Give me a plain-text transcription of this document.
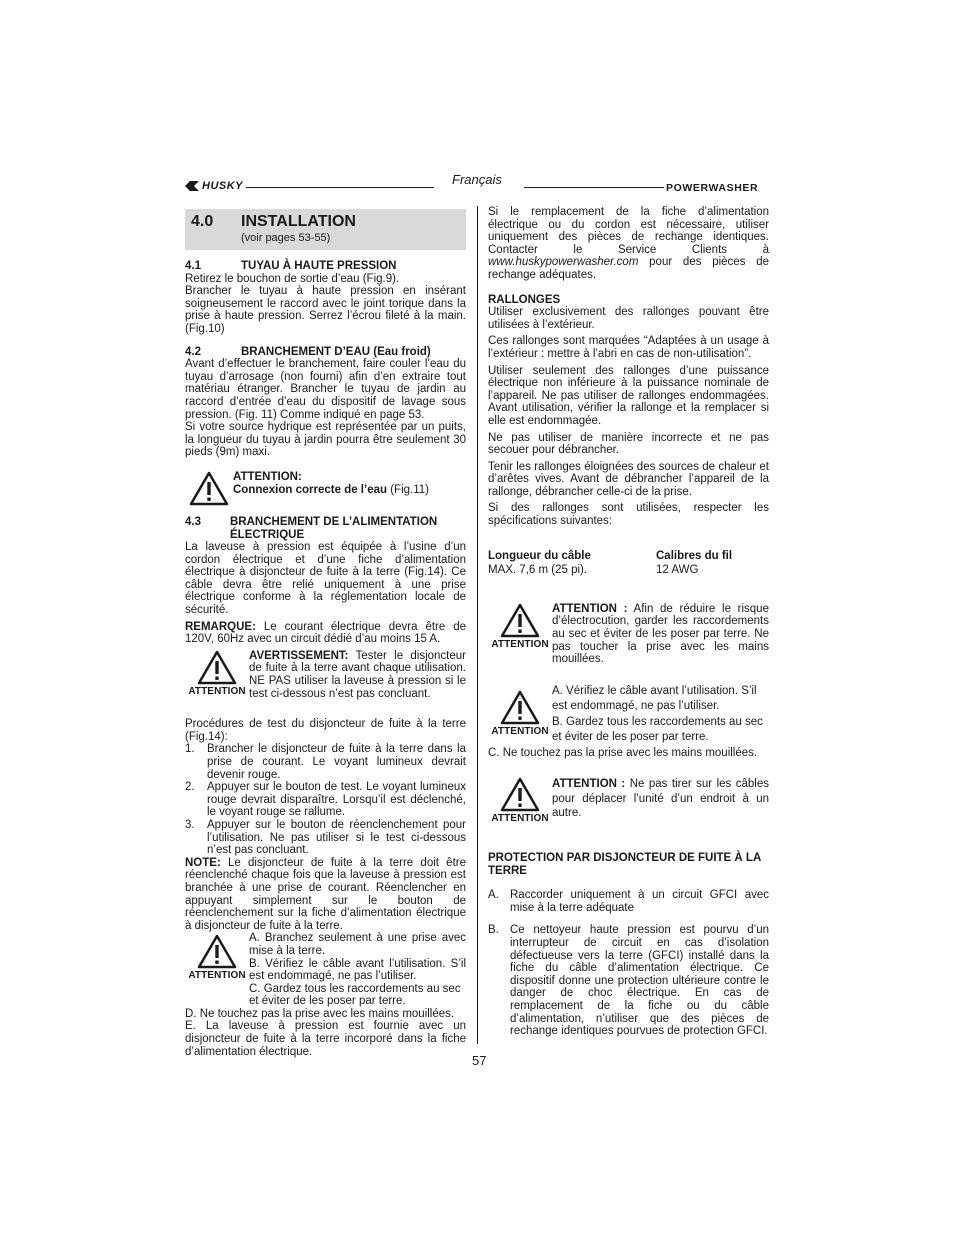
HUSKY	Français
POWERWASHER
4.0 INSTALLATION
(voir pages 53-55)
4.1	TUYAU À HAUTE PRESSION

Retirez le bouchon de sortie d’eau (Fig.9).

Brancher le tuyau à haute pression en insérant soigneusement le raccord avec le joint torique dans la prise à haute pression. Serrez l’écrou fileté à la main. (Fig.10)

4.2	BRANCHEMENT D’EAU (Eau froid)

Avant d’effectuer le branchement, faire couler l’eau du tuyau d’arrosage (non fourni) afin d’en extraire tout matériau étranger. Brancher le tuyau de jardin au raccord d’entrée d’eau du dispositif de lavage sous pression. (Fig. 11) Comme indiqué en page 53.

Si votre source hydrique est représentée par un puits, la longueur du tuyau à jardin pourra être seulement 30 pieds (9m) maxi.

ATTENTION:
Connexion correcte de l’eau (Fig.11)
4.3	BRANCHEMENT DE L’ALIMENTATION ÉLECTRIQUE

La laveuse à pression est équipée à l’usine d’un cordon électrique et d’une fiche d’alimentation électrique à disjoncteur de fuite à la terre (Fig.14). Ce câble devra être relié uniquement à une prise électrique conforme à la réglementation locale de sécurité.

REMARQUE: Le courant électrique devra être de 120V, 60Hz avec un circuit dédié d’au moins 15 A.

ATTENTION

AVERTISSEMENT: Tester le disjoncteur de fuite à la terre avant chaque utilisation. NE PAS utiliser la laveuse à pression si le test ci-dessous n’est pas concluant.

Procédures de test du disjoncteur de fuite à la terre (Fig.14):

1.	Brancher le disjoncteur de fuite à la terre dans la prise de courant. Le voyant lumineux devrait devenir rouge.
2.	Appuyer sur le bouton de test. Le voyant lumineux rouge devrait disparaître. Lorsqu’il est déclenché, le voyant rouge se rallume.
3.	Appuyer sur le bouton de réenclenchement pour l’utilisation. Ne pas utiliser si le test ci-dessous n’est pas concluant.

NOTE: Le disjoncteur de fuite à la terre doit être réenclenché chaque fois que la laveuse à pression est branchée à une prise de courant. Réenclencher en appuyant simplement sur le bouton de réenclenchement sur la fiche d’alimentation électrique à disjoncteur de fuite à la terre.

ATTENTION

A. Branchez seulement à une prise avec mise à la terre.

B. Vérifiez le câble avant l’utilisation. S’il est endommagé, ne pas l’utiliser.

C. Gardez tous les raccordements au sec et éviter de les poser par terre.

D. Ne touchez pas la prise avec les mains mouillées.

E. La laveuse à pression est fournie avec un disjoncteur de fuite à la terre incorporé dans la fiche d’alimentation électrique.

Si le remplacement de la fiche d’alimentation électrique ou du cordon est nécessaire, utiliser uniquement des pièces de rechange identiques. Contacter le Service Clients à www.huskypowerwasher.com pour des pièces de rechange adéquates.

RALLONGES

Utiliser exclusivement des rallonges pouvant être utilisées à l’extérieur.

Ces rallonges sont marquées “Adaptées à un usage à l’extérieur : mettre à l’abri en cas de non-utilisation”.

Utiliser seulement des rallonges d’une puissance électrique non inférieure à la puissance nominale de l’appareil. Ne pas utiliser de rallonges endommagées. Avant utilisation, vérifier la rallonge et la remplacer si elle est endommagée.

Ne pas utiliser de manière incorrecte et ne pas secouer pour débrancher.

Tenir les rallonges éloignées des sources de chaleur et d’arêtes vives. Avant de débrancher l’appareil de la rallonge, débrancher celle-ci de la prise.

Si des rallonges sont utilisées, respecter les spécifications suivantes:

Longueur du câble	Calibres du fil
MAX. 7,6 m (25 pi).	12 AWG
ATTENTION

ATTENTION : Afin de réduire le risque d’électrocution, garder les raccordements au sec et éviter de les poser par terre. Ne pas toucher la prise avec les mains mouillées.

ATTENTION

A. Vérifiez le câble avant l’utilisation. S’il est endommagé, ne pas l’utiliser.

B. Gardez tous les raccordements au sec et éviter de les poser par terre.

C. Ne touchez pas la prise avec les mains mouillées.

ATTENTION

ATTENTION : Ne pas tirer sur les câbles pour déplacer l’unité d’un endroit à un autre.

PROTECTION PAR DISJONCTEUR DE FUITE À LA TERRE
A. Raccorder uniquement à un circuit GFCI avec mise à la terre adéquate
B. Ce nettoyeur haute pression est pourvu d’un interrupteur de circuit en cas d’isolation défectueuse vers la terre (GFCI) installé dans la fiche du câble d’alimentation électrique. Ce dispositif donne une protection ultérieure contre le danger de choc électrique. En cas de remplacement de la fiche ou du câble d’alimentation, n’utiliser que des pièces de rechange identiques pourvues de protection GFCI.
57
